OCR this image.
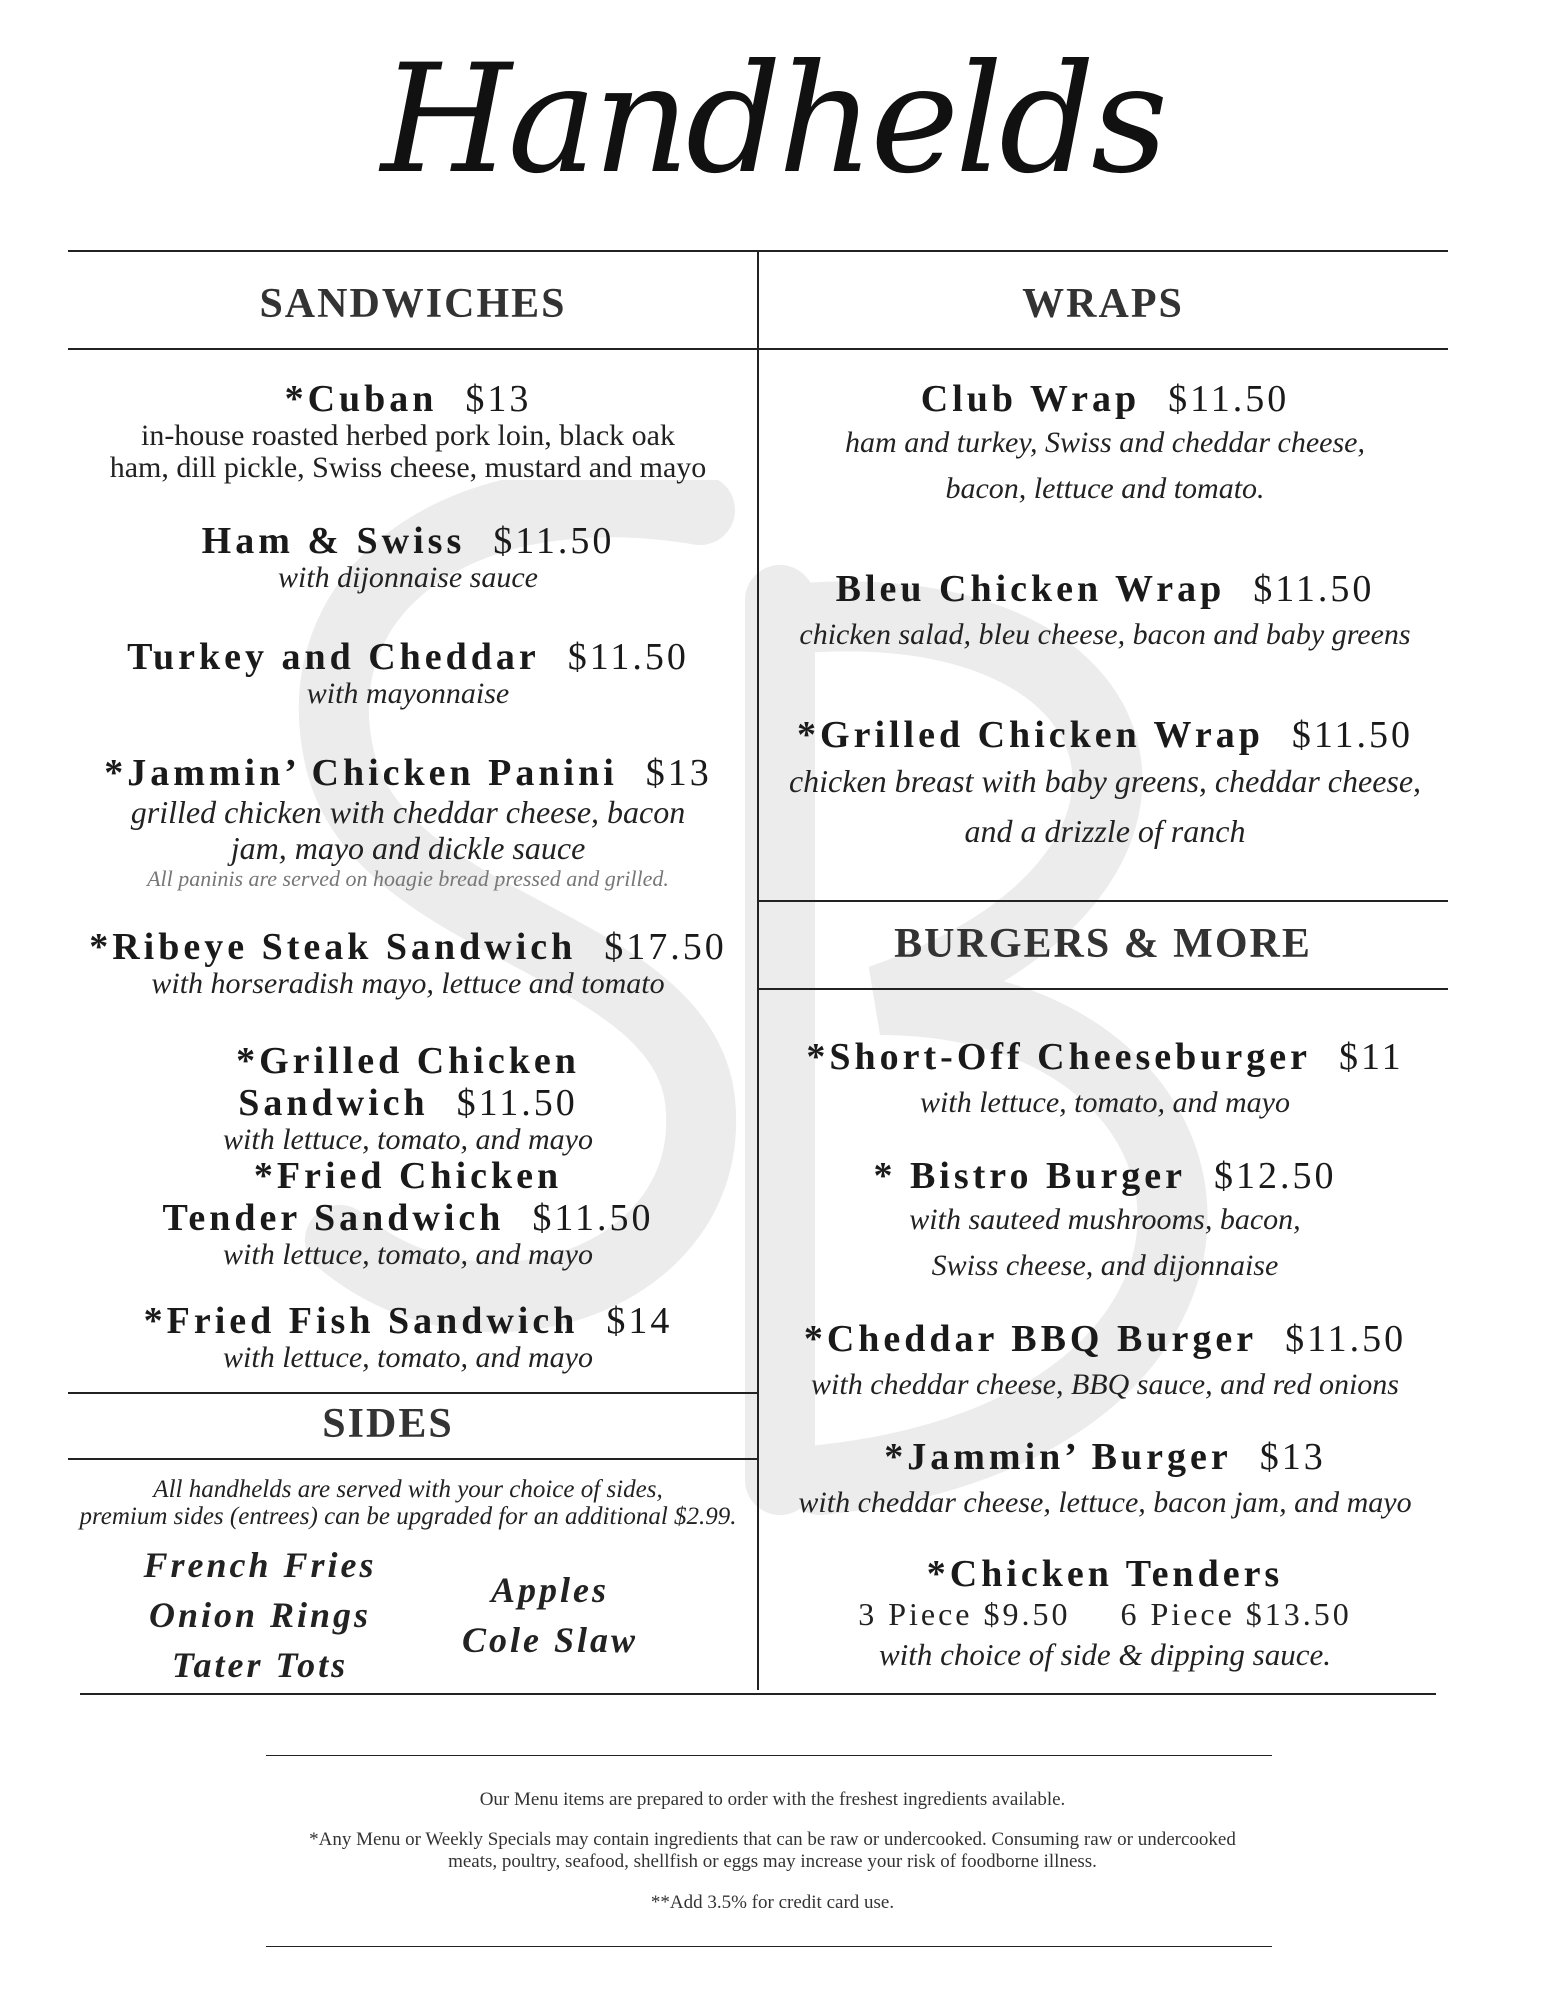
Handhelds
SANDWICHES	WRAPS
BURGERS & MORE
SIDES
*Cuban $13
in-house roasted herbed pork loin, black oak
ham, dill pickle, Swiss cheese, mustard and mayo
Ham & Swiss $11.50
with dijonnaise sauce
Turkey and Cheddar $11.50
with mayonnaise
*Jammin’ Chicken Panini $13
grilled chicken with cheddar cheese, bacon
jam, mayo and dickle sauce
All paninis are served on hoagie bread pressed and grilled.
*Ribeye Steak Sandwich $17.50
with horseradish mayo, lettuce and tomato
*Grilled Chicken Sandwich $11.50
with lettuce, tomato, and mayo
*Fried Chicken
Tender Sandwich $11.50
with lettuce, tomato, and mayo
*Fried Fish Sandwich $14
with lettuce, tomato, and mayo
All handhelds are served with your choice of sides,
premium sides (entrees) can be upgraded for an additional $2.99.
French Fries
Onion Rings
Tater Tots
Apples
Cole Slaw
Club Wrap $11.50
ham and turkey, Swiss and cheddar cheese,
bacon, lettuce and tomato.
Bleu Chicken Wrap $11.50
chicken salad, bleu cheese, bacon and baby greens
*Grilled Chicken Wrap $11.50
chicken breast with baby greens, cheddar cheese,
and a drizzle of ranch
*Short-Off Cheeseburger $11
with lettuce, tomato, and mayo
* Bistro Burger $12.50
with sauteed mushrooms, bacon,
Swiss cheese, and dijonnaise
*Cheddar BBQ Burger $11.50
with cheddar cheese, BBQ sauce, and red onions
*Jammin’ Burger $13
with cheddar cheese, lettuce, bacon jam, and mayo
*Chicken Tenders
3 Piece $9.50 6 Piece $13.50
with choice of side & dipping sauce.
Our Menu items are prepared to order with the freshest ingredients available.
*Any Menu or Weekly Specials may contain ingredients that can be raw or undercooked. Consuming raw or undercooked
meats, poultry, seafood, shellfish or eggs may increase your risk of foodborne illness.
**Add 3.5% for credit card use.
